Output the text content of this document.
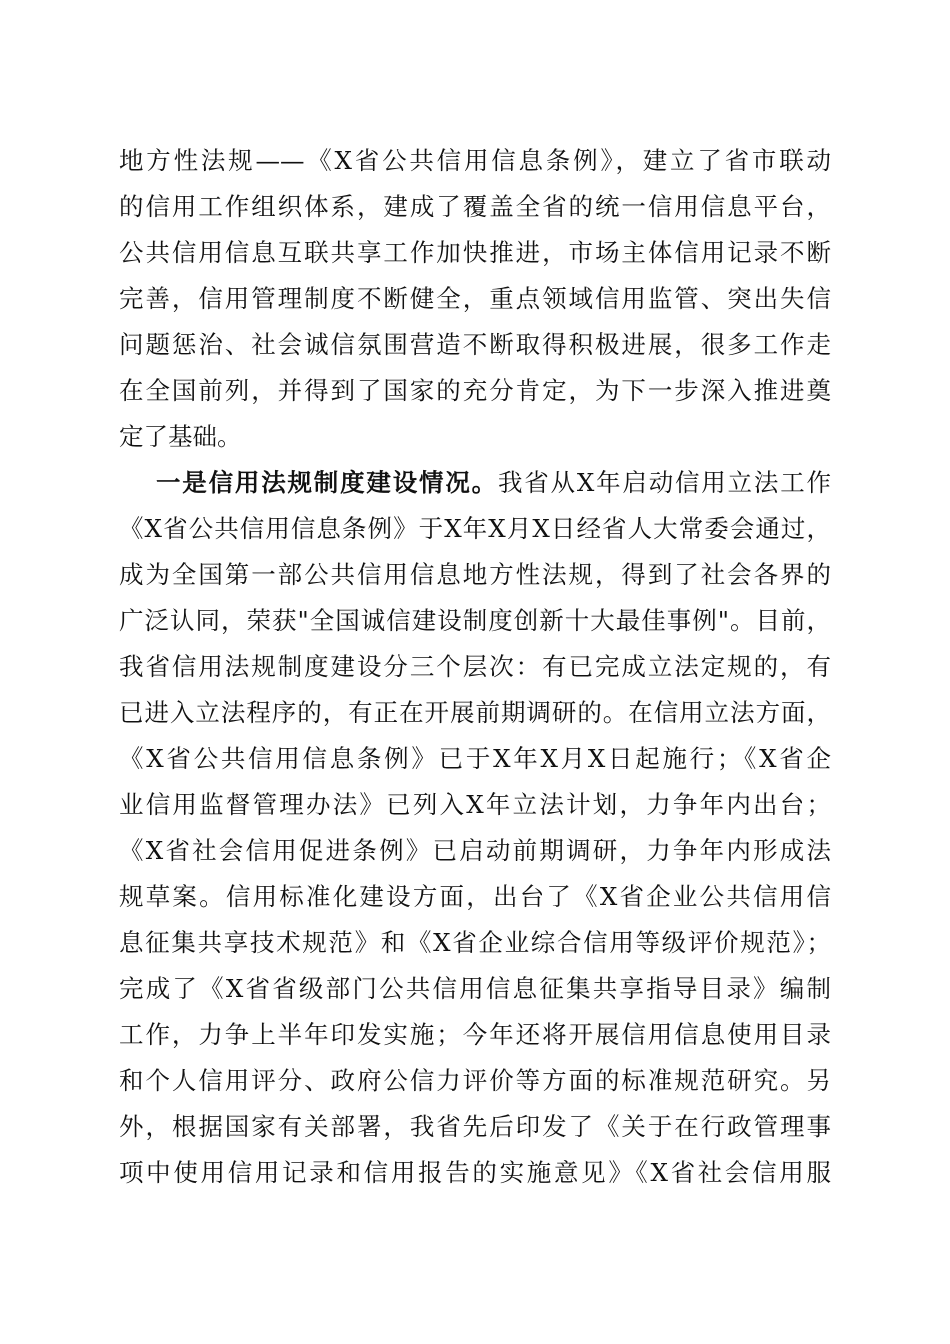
地方性法规——《X省公共信用信息条例》，建立了省市联动
的信用工作组织体系，建成了覆盖全省的统一信用信息平台，
公共信用信息互联共享工作加快推进，市场主体信用记录不断
完善，信用管理制度不断健全，重点领域信用监管、突出失信
问题惩治、社会诚信氛围营造不断取得积极进展，很多工作走
在全国前列，并得到了国家的充分肯定，为下一步深入推进奠
定了基础。
一是信用法规制度建设情况。我省从X年启动信用立法工作
《X省公共信用信息条例》于X年X月X日经省人大常委会通过，
成为全国第一部公共信用信息地方性法规，得到了社会各界的
广泛认同，荣获"全国诚信建设制度创新十大最佳事例"。目前，
我省信用法规制度建设分三个层次：有已完成立法定规的，有
已进入立法程序的，有正在开展前期调研的。在信用立法方面，
《X省公共信用信息条例》已于X年X月X日起施行；《X省企
业信用监督管理办法》已列入X年立法计划，力争年内出台；
《X省社会信用促进条例》已启动前期调研，力争年内形成法
规草案。信用标准化建设方面，出台了《X省企业公共信用信
息征集共享技术规范》和《X省企业综合信用等级评价规范》；
完成了《X省省级部门公共信用信息征集共享指导目录》编制
工作，力争上半年印发实施；今年还将开展信用信息使用目录
和个人信用评分、政府公信力评价等方面的标准规范研究。另
外，根据国家有关部署，我省先后印发了《关于在行政管理事
项中使用信用记录和信用报告的实施意见》《X省社会信用服
